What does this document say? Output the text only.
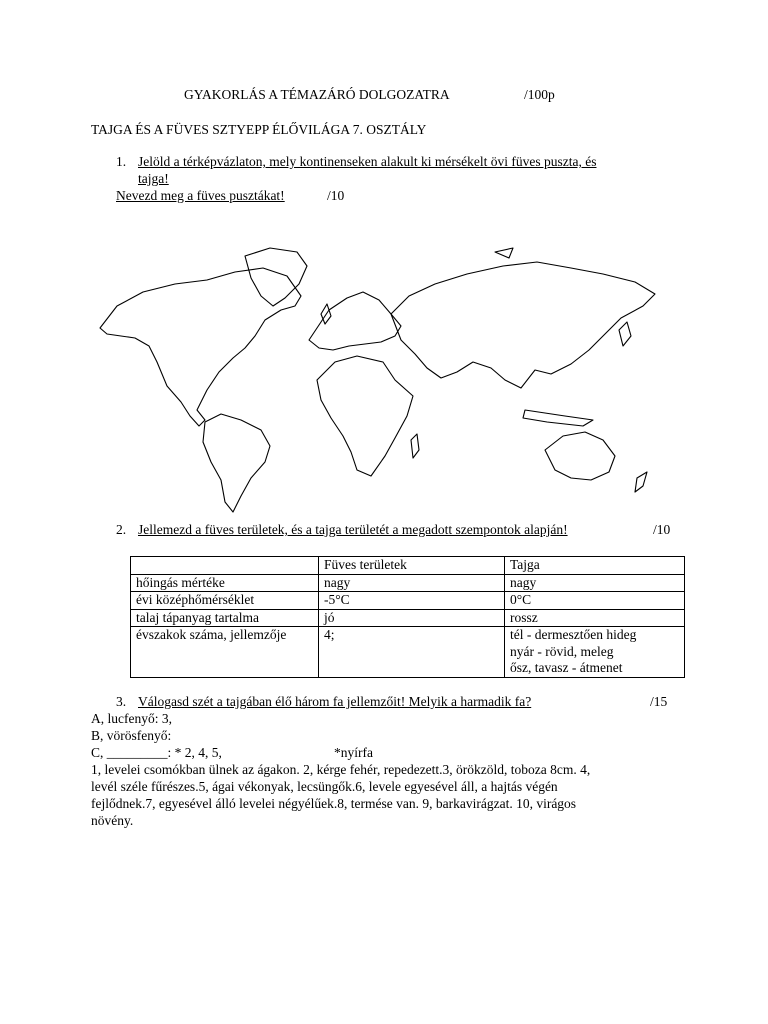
GYAKORLÁS A TÉMAZÁRÓ DOLGOZATRA	/100p
TAJGA ÉS A FÜVES SZTYEPP ÉLŐVILÁGA 7. OSZTÁLY
1. Jelöld a térképvázlaton, mely kontinenseken alakult ki mérsékelt övi füves puszta, és
tajga!
Nevezd meg a füves pusztákat!	/10
2. Jellemezd a füves területek, és a tajga területét a megadott szempontok alapján!	/10
	Füves területek	Tajga
hőingás mértéke	nagy	nagy
évi középhőmérséklet	-5°C	0°C
talaj tápanyag tartalma	jó	rossz
évszakok száma, jellemzője	4;	tél - dermesztően hideg
nyár - rövid, meleg
ősz, tavasz - átmenet
3. Válogasd szét a tajgában élő három fa jellemzőit! Melyik a harmadik fa?	/15
A, lucfenyő: 3,
B, vörösfenyő:
C, _________: * 2, 4, 5,	*nyírfa
1, levelei csomókban ülnek az ágakon. 2, kérge fehér, repedezett.3, örökzöld, toboza 8cm. 4,
levél széle fűrészes.5, ágai vékonyak, lecsüngők.6, levele egyesével áll, a hajtás végén
fejlődnek.7, egyesével álló levelei négyélűek.8, termése van. 9, barkavirágzat. 10, virágos
növény.
